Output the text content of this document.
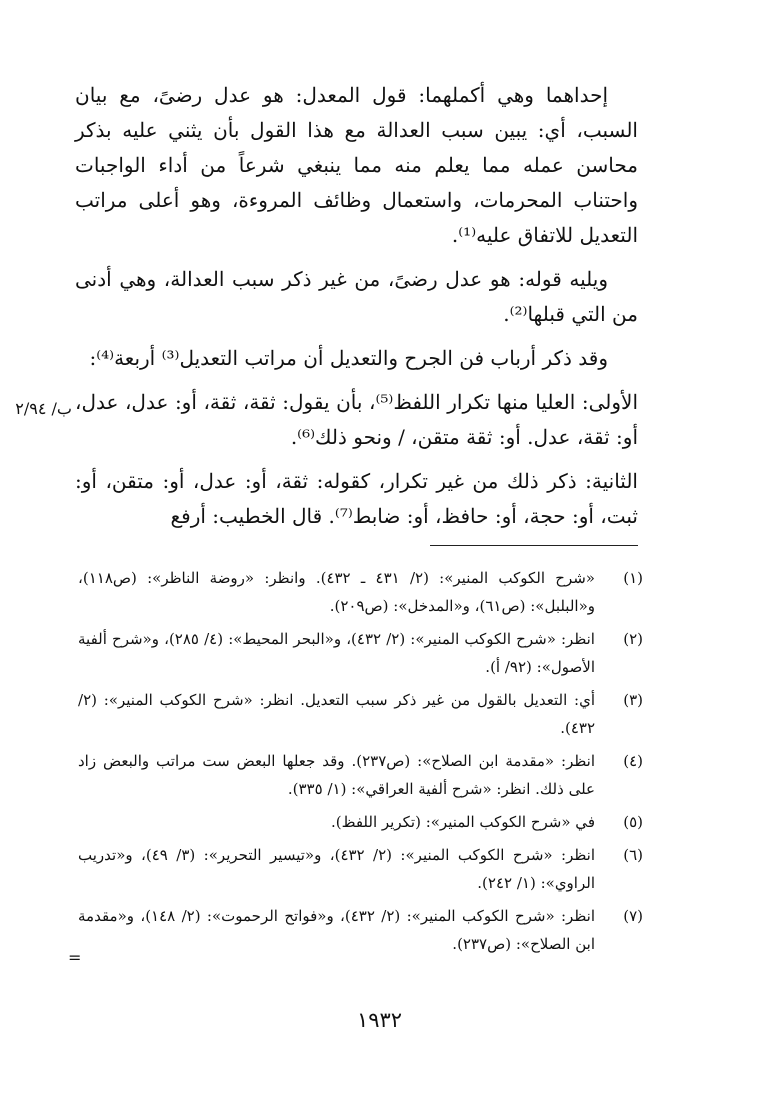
إحداهما وهي أكملهما: قول المعدل: هو عدل رضىً، مع بيان السبب، أي: يبين سبب العدالة مع هذا القول بأن يثني عليه بذكر محاسن عمله مما يعلم منه مما ينبغي شرعاً من أداء الواجبات واحتناب المحرمات، واستعمال وظائف المروءة، وهو أعلى مراتب التعديل للاتفاق عليه⁽¹⁾.

ويليه قوله: هو عدل رضىً، من غير ذكر سبب العدالة، وهي أدنى من التي قبلها⁽²⁾.

وقد ذكر أرباب فن الجرح والتعديل أن مراتب التعديل⁽³⁾ أربعة⁽⁴⁾:

الأولى: العليا منها تكرار اللفظ⁽⁵⁾، بأن يقول: ثقة، ثقة، أو: عدل، عدل، أو: ثقة، عدل. أو: ثقة متقن، / ونحو ذلك⁽⁶⁾.

الثانية: ذكر ذلك من غير تكرار، كقوله: ثقة، أو: عدل، أو: متقن، أو: ثبت، أو: حجة، أو: حافظ، أو: ضابط⁽⁷⁾. قال الخطيب: أرفع

ب/ ٢/٩٤
(١)
«شرح الكوكب المنير»: (٢/ ٤٣١ ـ ٤٣٢). وانظر: «روضة الناظر»: (ص١١٨)، و«البلبل»: (ص٦١)، و«المدخل»: (ص٢٠٩).
(٢)
انظر: «شرح الكوكب المنير»: (٢/ ٤٣٢)، و«البحر المحيط»: (٤/ ٢٨٥)، و«شرح ألفية الأصول»: (٩٢/ أ).
(٣)
أي: التعديل بالقول من غير ذكر سبب التعديل. انظر: «شرح الكوكب المنير»: (٢/ ٤٣٢).
(٤)
انظر: «مقدمة ابن الصلاح»: (ص٢٣٧). وقد جعلها البعض ست مراتب والبعض زاد على ذلك. انظر: «شرح ألفية العراقي»: (١/ ٣٣٥).
(٥)
في «شرح الكوكب المنير»: (تكرير اللفظ).
(٦)
انظر: «شرح الكوكب المنير»: (٢/ ٤٣٢)، و«تيسير التحرير»: (٣/ ٤٩)، و«تدريب الراوي»: (١/ ٢٤٢).
(٧)
انظر: «شرح الكوكب المنير»: (٢/ ٤٣٢)، و«فواتح الرحموت»: (٢/ ١٤٨)، و«مقدمة ابن الصلاح»: (ص٢٣٧).
=
١٩٣٢
